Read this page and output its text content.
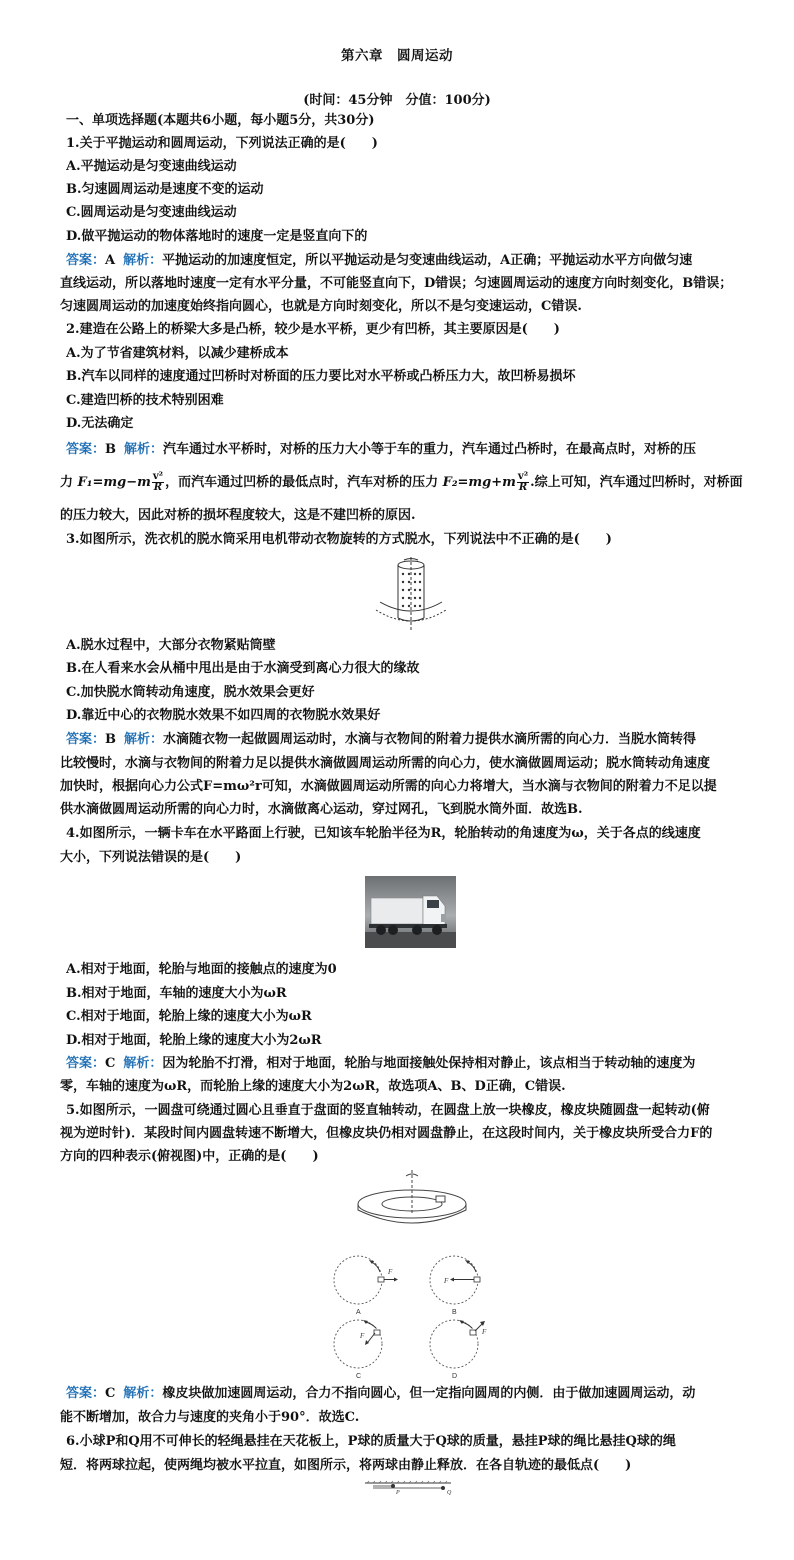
第六章　圆周运动
(时间：45分钟　分值：100分)
一、单项选择题(本题共6小题，每小题5分，共30分)
1.关于平抛运动和圆周运动，下列说法正确的是(　　)
A.平抛运动是匀变速曲线运动
B.匀速圆周运动是速度不变的运动
C.圆周运动是匀变速曲线运动
D.做平抛运动的物体落地时的速度一定是竖直向下的
答案：A 解析：平抛运动的加速度恒定，所以平抛运动是匀变速曲线运动，A正确；平抛运动水平方向做匀速
直线运动，所以落地时速度一定有水平分量，不可能竖直向下，D错误；匀速圆周运动的速度方向时刻变化，B错误；
匀速圆周运动的加速度始终指向圆心，也就是方向时刻变化，所以不是匀变速运动，C错误.
2.建造在公路上的桥梁大多是凸桥，较少是水平桥，更少有凹桥，其主要原因是(　　)
A.为了节省建筑材料，以减少建桥成本
B.汽车以同样的速度通过凹桥时对桥面的压力要比对水平桥或凸桥压力大，故凹桥易损坏
C.建造凹桥的技术特别困难
D.无法确定
答案：B 解析：汽车通过水平桥时，对桥的压力大小等于车的重力，汽车通过凸桥时，在最高点时，对桥的压
力 $F_1=mg-m \frac{\text{v²}}{R}$ ，而汽车通过凹桥的最低点时，汽车对桥的压力 $F_2=mg+m \frac{\text{v²}}{R}$ .综上可知，汽车通过凹桥时，对桥面
的压力较大，因此对桥的损坏程度较大，这是不建凹桥的原因.
3.如图所示，洗衣机的脱水筒采用电机带动衣物旋转的方式脱水，下列说法中不正确的是(　　)
A.脱水过程中，大部分衣物紧贴筒壁
B.在人看来水会从桶中甩出是由于水滴受到离心力很大的缘故
C.加快脱水筒转动角速度，脱水效果会更好
D.靠近中心的衣物脱水效果不如四周的衣物脱水效果好
答案：B 解析：水滴随衣物一起做圆周运动时，水滴与衣物间的附着力提供水滴所需的向心力．当脱水筒转得
比较慢时，水滴与衣物间的附着力足以提供水滴做圆周运动所需的向心力，使水滴做圆周运动；脱水筒转动角速度
加快时，根据向心力公式F=mω²r可知，水滴做圆周运动所需的向心力将增大，当水滴与衣物间的附着力不足以提
供水滴做圆周运动所需的向心力时，水滴做离心运动，穿过网孔，飞到脱水筒外面．故选B.
4.如图所示，一辆卡车在水平路面上行驶，已知该车轮胎半径为R，轮胎转动的角速度为ω，关于各点的线速度
大小，下列说法错误的是(　　)
A.相对于地面，轮胎与地面的接触点的速度为0
B.相对于地面，车轴的速度大小为ωR
C.相对于地面，轮胎上缘的速度大小为ωR
D.相对于地面，轮胎上缘的速度大小为2ωR
答案：C 解析：因为轮胎不打滑，相对于地面，轮胎与地面接触处保持相对静止，该点相当于转动轴的速度为
零，车轴的速度为ωR，而轮胎上缘的速度大小为2ωR，故选项A、B、D正确，C错误.
5.如图所示，一圆盘可绕通过圆心且垂直于盘面的竖直轴转动，在圆盘上放一块橡皮，橡皮块随圆盘一起转动(俯
视为逆时针)．某段时间内圆盘转速不断增大，但橡皮块仍相对圆盘静止，在这段时间内，关于橡皮块所受合力F的
方向的四种表示(俯视图)中，正确的是(　　)
F
A
F
B
F
C
F
D
答案：C 解析：橡皮块做加速圆周运动，合力不指向圆心，但一定指向圆周的内侧．由于做加速圆周运动，动
能不断增加，故合力与速度的夹角小于90°．故选C.
6.小球P和Q用不可伸长的轻绳悬挂在天花板上，P球的质量大于Q球的质量，悬挂P球的绳比悬挂Q球的绳
短．将两球拉起，使两绳均被水平拉直，如图所示，将两球由静止释放．在各自轨迹的最低点(　　)
P	Q
